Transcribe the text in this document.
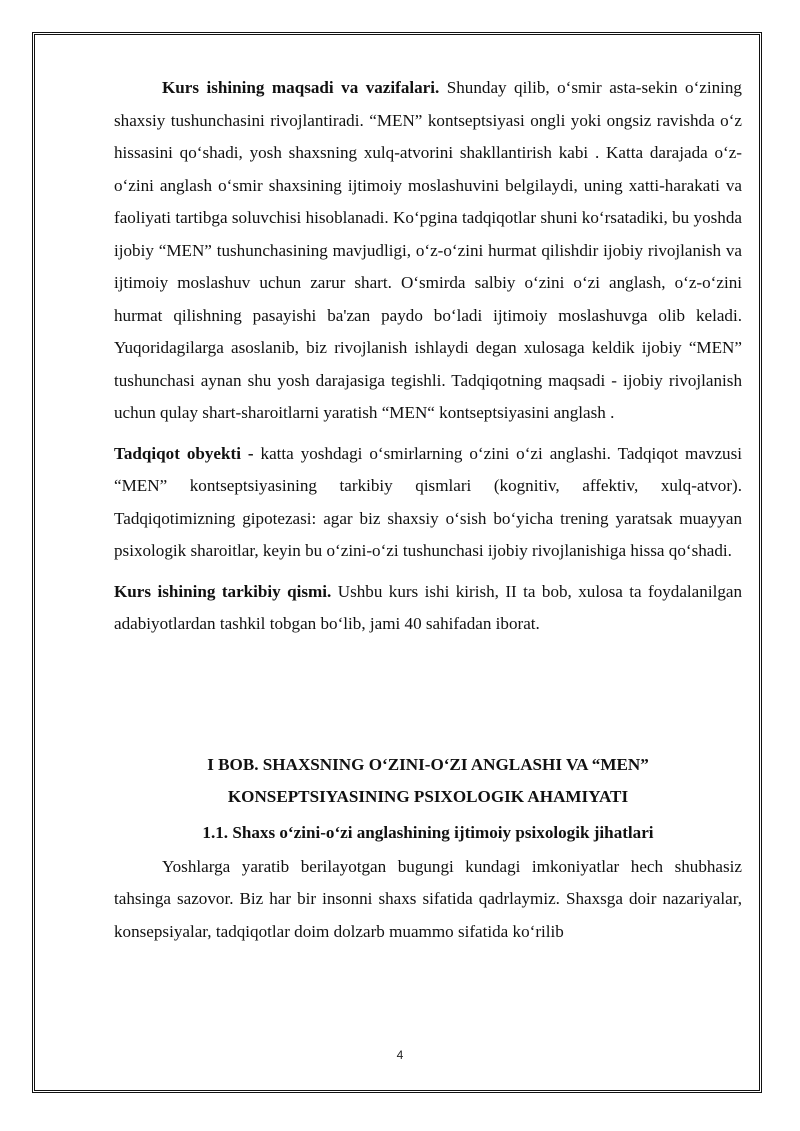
Kurs ishining maqsadi va vazifalari. Shunday qilib, o‘smir asta-sekin o‘zining shaxsiy tushunchasini rivojlantiradi. “MEN” kontseptsiyasi ongli yoki ongsiz ravishda o‘z hissasini qo‘shadi, yosh shaxsning xulq-atvorini shakllantirish kabi . Katta darajada o‘z-o‘zini anglash o‘smir shaxsining ijtimoiy moslashuvini belgilaydi, uning xatti-harakati va faoliyati tartibga soluvchisi hisoblanadi. Ko‘pgina tadqiqotlar shuni ko‘rsatadiki, bu yoshda ijobiy “MEN” tushunchasining mavjudligi, o‘z-o‘zini hurmat qilishdir ijobiy rivojlanish va ijtimoiy moslashuv uchun zarur shart. O‘smirda salbiy o‘zini o‘zi anglash, o‘z-o‘zini hurmat qilishning pasayishi ba'zan paydo bo‘ladi ijtimoiy moslashuvga olib keladi. Yuqoridagilarga asoslanib, biz rivojlanish ishlaydi degan xulosaga keldik ijobiy “MEN” tushunchasi aynan shu yosh darajasiga tegishli. Tadqiqotning maqsadi - ijobiy rivojlanish uchun qulay shart-sharoitlarni yaratish “MEN“ kontseptsiyasini anglash .

Tadqiqot obyekti - katta yoshdagi o‘smirlarning o‘zini o‘zi anglashi. Tadqiqot mavzusi “MEN” kontseptsiyasining tarkibiy qismlari (kognitiv, affektiv, xulq-atvor). Tadqiqotimizning gipotezasi: agar biz shaxsiy o‘sish bo‘yicha trening yaratsak muayyan psixologik sharoitlar, keyin bu o‘zini-o‘zi tushunchasi ijobiy rivojlanishiga hissa qo‘shadi.

Kurs ishining tarkibiy qismi. Ushbu kurs ishi kirish, II ta bob, xulosa ta foydalanilgan adabiyotlardan tashkil tobgan bo‘lib, jami 40 sahifadan iborat.

I BOB. SHAXSNING O‘ZINI-O‘ZI ANGLASHI VA “MEN”

KONSEPTSIYASINING PSIXOLOGIK AHAMIYATI

1.1. Shaxs o‘zini-o‘zi anglashining ijtimoiy psixologik jihatlari

Yoshlarga yaratib berilayotgan bugungi kundagi imkoniyatlar hech shubhasiz tahsinga sazovor. Biz har bir insonni shaxs sifatida qadrlaymiz. Shaxsga doir nazariyalar, konsepsiyalar, tadqiqotlar doim dolzarb muammo sifatida ko‘rilib

4
